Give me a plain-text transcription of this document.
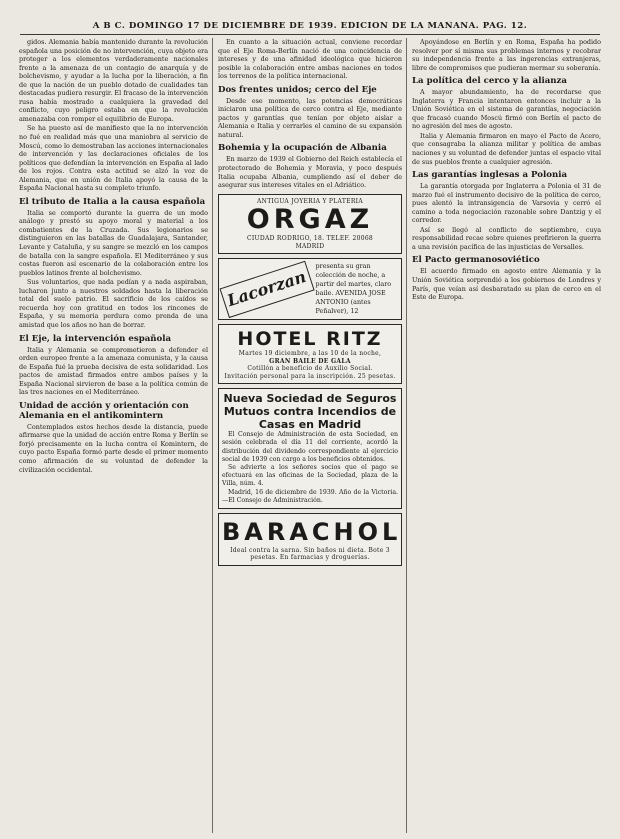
A B C. DOMINGO 17 DE DICIEMBRE DE 1939. EDICION DE LA MAÑANA. PAG. 12.

gidos. Alemania había mantenido durante la revolución española una posición de no intervención, cuya objeto era proteger a los elementos verdaderamente nacionales frente a la amenaza de un contagio de anarquía y de bolchevismo, y ayudar a la lucha por la liberación, a fin de que la nación de un pueblo dotado de cualidades tan destacadas pudiera resurgir. El fracaso de la intervención rusa había mostrado a cualquiera la gravedad del conflicto, cuyo peligro estaba en que la revolución amenazaba con romper el equilibrio de Europa.

Se ha puesto así de manifiesto que la no intervención no fué en realidad más que una maniobra al servicio de Moscú, como lo demostraban las acciones internacionales de intervención y las declaraciones oficiales de los políticos que defendían la intervención en España al lado de los rojos. Contra esta actitud se alzó la voz de Alemania, que en unión de Italia apoyó la causa de la España Nacional hasta su completo triunfo.

El tributo de Italia a la causa española

Italia se comportó durante la guerra de un modo análogo y prestó su apoyo moral y material a los combatientes de la Cruzada. Sus legionarios se distinguieron en las batallas de Guadalajara, Santander, Levante y Cataluña, y su sangre se mezcló en los campos de batalla con la sangre española. El Mediterráneo y sus costas fueron así escenario de la colaboración entre los pueblos latinos frente al bolchevismo.

Sus voluntarios, que nada pedían y a nada aspiraban, lucharon junto a nuestros soldados hasta la liberación total del suelo patrio. El sacrificio de los caídos se recuerda hoy con gratitud en todos los rincones de España, y su memoria perdura como prenda de una amistad que los años no han de borrar.

El Eje, la intervención española

Italia y Alemania se comprometieron a defender el orden europeo frente a la amenaza comunista, y la causa de España fué la prueba decisiva de esta solidaridad. Los pactos de amistad firmados entre ambos países y la España Nacional sirvieron de base a la política común de las tres naciones en el Mediterráneo.

Unidad de acción y orientación con Alemania en el antikomintern

Contemplados estos hechos desde la distancia, puede afirmarse que la unidad de acción entre Roma y Berlín se forjó precisamente en la lucha contra el Komintern, de cuyo pacto España formó parte desde el primer momento como afirmación de su voluntad de defender la civilización occidental.

En cuanto a la situación actual, conviene recordar que el Eje Roma-Berlín nació de una coincidencia de intereses y de una afinidad ideológica que hicieron posible la colaboración entre ambas naciones en todos los terrenos de la política internacional.

Dos frentes unidos; cerco del Eje

Desde ese momento, las potencias democráticas iniciaron una política de cerco contra el Eje, mediante pactos y garantías que tenían por objeto aislar a Alemania e Italia y cerrarles el camino de su expansión natural.

Bohemia y la ocupación de Albania

En marzo de 1939 el Gobierno del Reich establecía el protectorado de Bohemia y Moravia, y poco después Italia ocupaba Albania, cumpliendo así el deber de asegurar sus intereses vitales en el Adriático.

ANTIGUA JOYERIA Y PLATERIA
ORGAZ
CIUDAD RODRIGO, 18. TELEF. 20068
MADRID
Lacorzan
presenta su gran colección de noche, a partir del martes, claro baile. AVENIDA JOSE ANTONIO (antes Peñalver), 12
HOTEL RITZ
Martes 19 diciembre, a las 10 de la noche,
GRAN BAILE DE GALA
Cotillón a beneficio de Auxilio Social.
Invitación personal para la inscripción. 25 pesetas.
Nueva Sociedad de Seguros Mutuos contra Incendios de Casas en Madrid

El Consejo de Administración de esta Sociedad, en sesión celebrada el día 11 del corriente, acordó la distribución del dividendo correspondiente al ejercicio social de 1939 con cargo a los beneficios obtenidos.

Se advierte a los señores socios que el pago se efectuará en las oficinas de la Sociedad, plaza de la Villa, núm. 4.

Madrid, 16 de diciembre de 1939. Año de la Victoria.—El Consejo de Administración.

BARACHOL
Ideal contra la sarna. Sin baños ni dieta. Bote 3 pesetas. En farmacias y droguerías.

Apoyándose en Berlín y en Roma, España ha podido resolver por sí misma sus problemas internos y recobrar su independencia frente a las ingerencias extranjeras, libre de compromisos que pudieran mermar su soberanía.

La política del cerco y la alianza

A mayor abundamiento, ha de recordarse que Inglaterra y Francia intentaron entonces incluir a la Unión Soviética en el sistema de garantías, negociación que fracasó cuando Moscú firmó con Berlín el pacto de no agresión del mes de agosto.

Italia y Alemania firmaron en mayo el Pacto de Acero, que consagraba la alianza militar y política de ambas naciones y su voluntad de defender juntas el espacio vital de sus pueblos frente a cualquier agresión.

Las garantías inglesas a Polonia

La garantía otorgada por Inglaterra a Polonia el 31 de marzo fué el instrumento decisivo de la política de cerco, pues alentó la intransigencia de Varsovia y cerró el camino a toda negociación razonable sobre Dantzig y el corredor.

Así se llegó al conflicto de septiembre, cuya responsabilidad recae sobre quienes prefirieron la guerra a una revisión pacífica de las injusticias de Versalles.

El Pacto germanosoviético

El acuerdo firmado en agosto entre Alemania y la Unión Soviética sorprendió a los gobiernos de Londres y París, que veían así desbaratado su plan de cerco en el Este de Europa.
